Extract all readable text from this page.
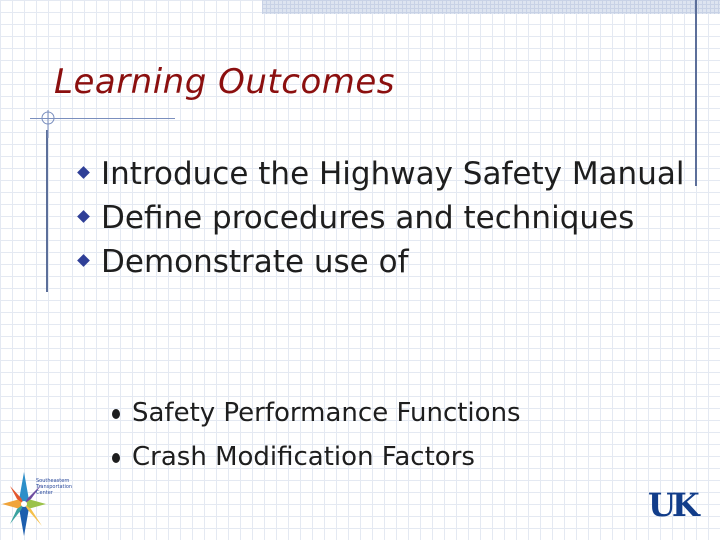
Learning Outcomes
Introduce the Highway Safety Manual
Define procedures and techniques
Demonstrate use of
Safety Performance Functions
Crash Modification Factors
Southeastern Transportation Center	UK
